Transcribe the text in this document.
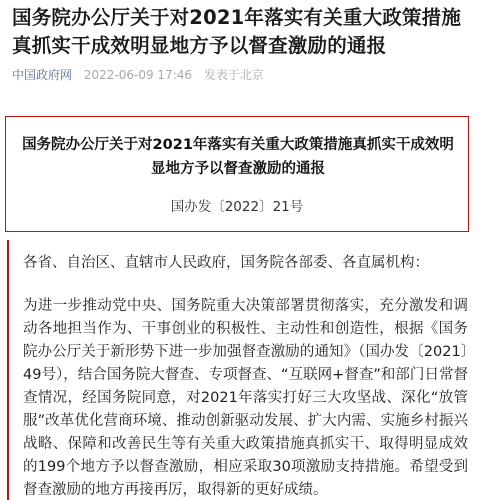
国务院办公厅关于对2021年落实有关重大政策措施真抓实干成效明显地方予以督查激励的通报
中国政府网 2022-06-09 17:46 发表于北京
国务院办公厅关于对2021年落实有关重大政策措施真抓实干成效明显地方予以督查激励的通报
国办发〔2022〕21号

各省、自治区、直辖市人民政府，国务院各部委、各直属机构：

为进一步推动党中央、国务院重大决策部署贯彻落实，充分激发和调动各地担当作为、干事创业的积极性、主动性和创造性，根据《国务院办公厅关于新形势下进一步加强督查激励的通知》（国办发〔2021〕49号），结合国务院大督查、专项督查、“互联网+督查”和部门日常督查情况，经国务院同意，对2021年落实打好三大攻坚战、深化“放管服”改革优化营商环境、推动创新驱动发展、扩大内需、实施乡村振兴战略、保障和改善民生等有关重大政策措施真抓实干、取得明显成效的199个地方予以督查激励，相应采取30项激励支持措施。希望受到督查激励的地方再接再厉，取得新的更好成绩。
